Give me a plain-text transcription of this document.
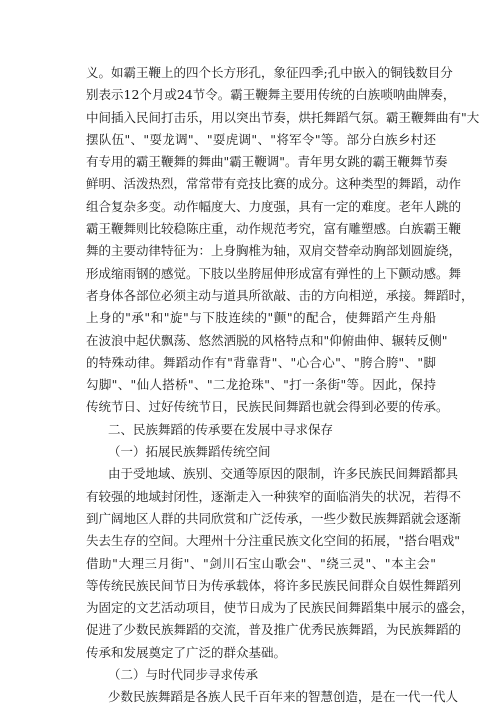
义。如霸王鞭上的四个长方形孔，象征四季;孔中嵌入的铜钱数目分
别表示12个月或24节令。霸王鞭舞主要用传统的白族唢呐曲牌奏，
中间插入民间打击乐，用以突出节奏，烘托舞蹈气氛。霸王鞭舞曲有"大
摆队伍"、"耍龙调"、"耍虎调"、"将军令"等。部分白族乡村还
有专用的霸王鞭舞的舞曲"霸王鞭调"。青年男女跳的霸王鞭舞节奏
鲜明、活泼热烈，常常带有竞技比赛的成分。这种类型的舞蹈，动作
组合复杂多变。动作幅度大、力度强，具有一定的难度。老年人跳的
霸王鞭舞则比较稳陈庄重，动作规范考究，富有雕塑感。白族霸王鞭
舞的主要动律特征为：上身胸椎为轴，双肩交替牵动胸部划圆旋绕，
形成缩雨钢的感觉。下肢以坐胯屈伸形成富有弹性的上下颤动感。舞
者身体各部位必须主动与道具所欲敲、击的方向相逆，承接。舞蹈时，
上身的"承"和"旋"与下肢连续的"颤"的配合，使舞蹈产生舟船
在波浪中起伏飘荡、悠然洒脱的风格特点和"仰俯曲伸、辗转反侧"
的特殊动律。舞蹈动作有"背靠背"、"心合心"、"胯合胯"、"脚
勾脚"、"仙人搭桥"、"二龙抢珠"、"打一条街"等。因此，保持
传统节日、过好传统节日，民族民间舞蹈也就会得到必要的传承。
二、民族舞蹈的传承要在发展中寻求保存
（一）拓展民族舞蹈传统空间
由于受地域、族别、交通等原因的限制，许多民族民间舞蹈都具
有较强的地域封闭性，逐渐走入一种狭窄的面临消失的状况，若得不
到广阔地区人群的共同欣赏和广泛传承，一些少数民族舞蹈就会逐渐
失去生存的空间。大理州十分注重民族文化空间的拓展，"搭台唱戏"
借助"大理三月街"、"剑川石宝山歌会"、"绕三灵"、"本主会"
等传统民族民间节日为传承载体，将许多民族民间群众自娱性舞蹈列
为固定的文艺活动项目，使节日成为了民族民间舞蹈集中展示的盛会，
促进了少数民族舞蹈的交流，普及推广优秀民族舞蹈，为民族舞蹈的
传承和发展奠定了广泛的群众基础。
（二）与时代同步寻求传承
少数民族舞蹈是各族人民千百年来的智慧创造，是在一代一代人
